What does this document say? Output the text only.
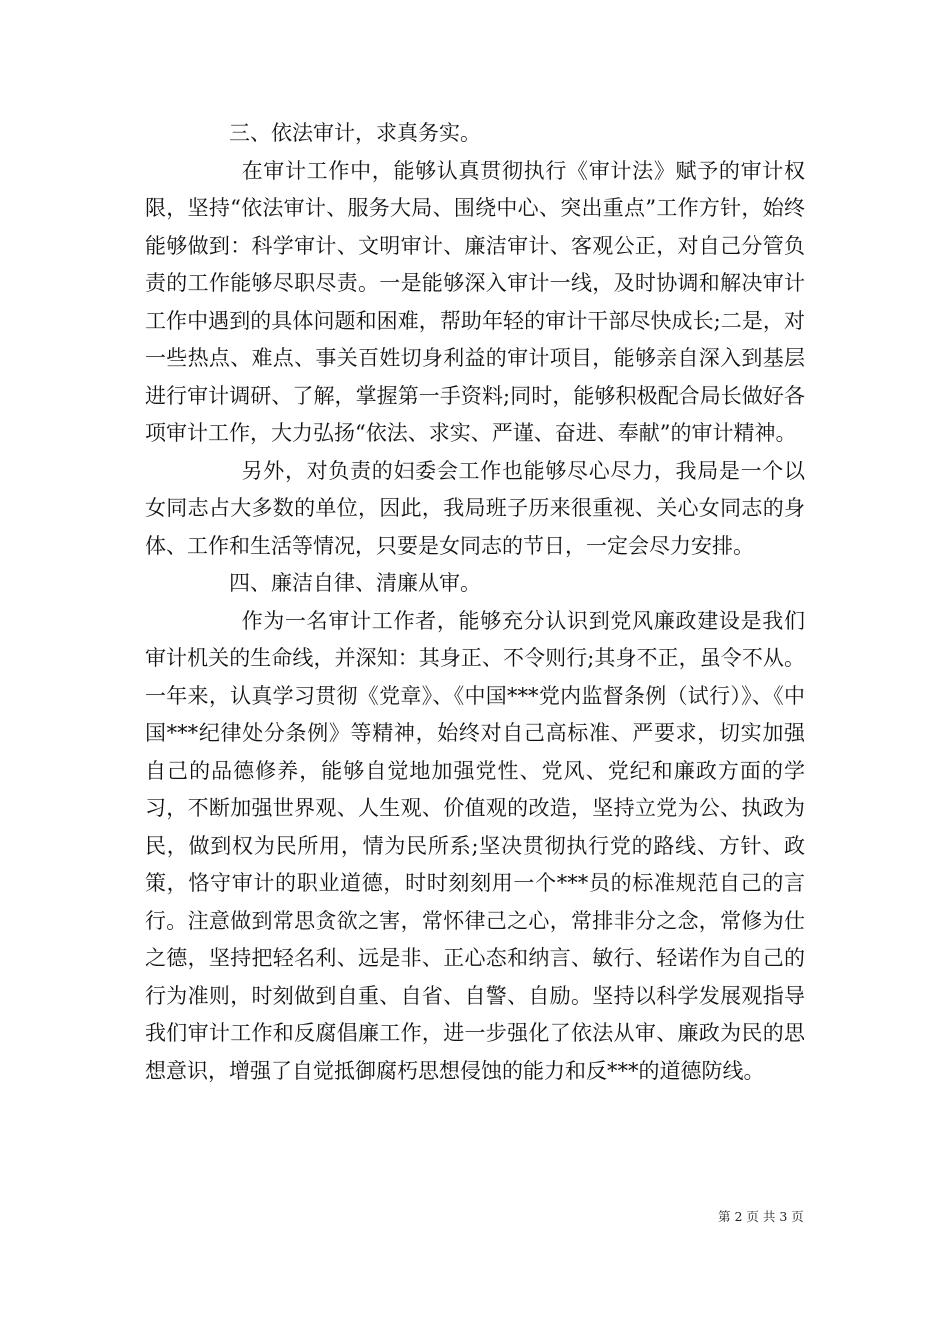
三、依法审计，求真务实。

在审计工作中，能够认真贯彻执行《审计法》赋予的审计权限，坚持“依法审计、服务大局、围绕中心、突出重点”工作方针，始终能够做到：科学审计、文明审计、廉洁审计、客观公正，对自己分管负责的工作能够尽职尽责。一是能够深入审计一线，及时协调和解决审计工作中遇到的具体问题和困难，帮助年轻的审计干部尽快成长;二是，对一些热点、难点、事关百姓切身利益的审计项目，能够亲自深入到基层进行审计调研、了解，掌握第一手资料;同时，能够积极配合局长做好各项审计工作，大力弘扬“依法、求实、严谨、奋进、奉献”的审计精神。

另外，对负责的妇委会工作也能够尽心尽力，我局是一个以女同志占大多数的单位，因此，我局班子历来很重视、关心女同志的身体、工作和生活等情况，只要是女同志的节日，一定会尽力安排。

四、廉洁自律、清廉从审。

作为一名审计工作者，能够充分认识到党风廉政建设是我们审计机关的生命线，并深知：其身正、不令则行;其身不正，虽令不从。一年来，认真学习贯彻《党章》、《中国***党内监督条例（试行）》、《中国***纪律处分条例》等精神，始终对自己高标准、严要求，切实加强自己的品德修养，能够自觉地加强党性、党风、党纪和廉政方面的学习，不断加强世界观、人生观、价值观的改造，坚持立党为公、执政为民，做到权为民所用，情为民所系;坚决贯彻执行党的路线、方针、政策，恪守审计的职业道德，时时刻刻用一个***员的标准规范自己的言行。注意做到常思贪欲之害，常怀律己之心，常排非分之念，常修为仕之德，坚持把轻名利、远是非、正心态和纳言、敏行、轻诺作为自己的行为准则，时刻做到自重、自省、自警、自励。坚持以科学发展观指导我们审计工作和反腐倡廉工作，进一步强化了依法从审、廉政为民的思想意识，增强了自觉抵御腐朽思想侵蚀的能力和反***的道德防线。

第 2 页 共 3 页
